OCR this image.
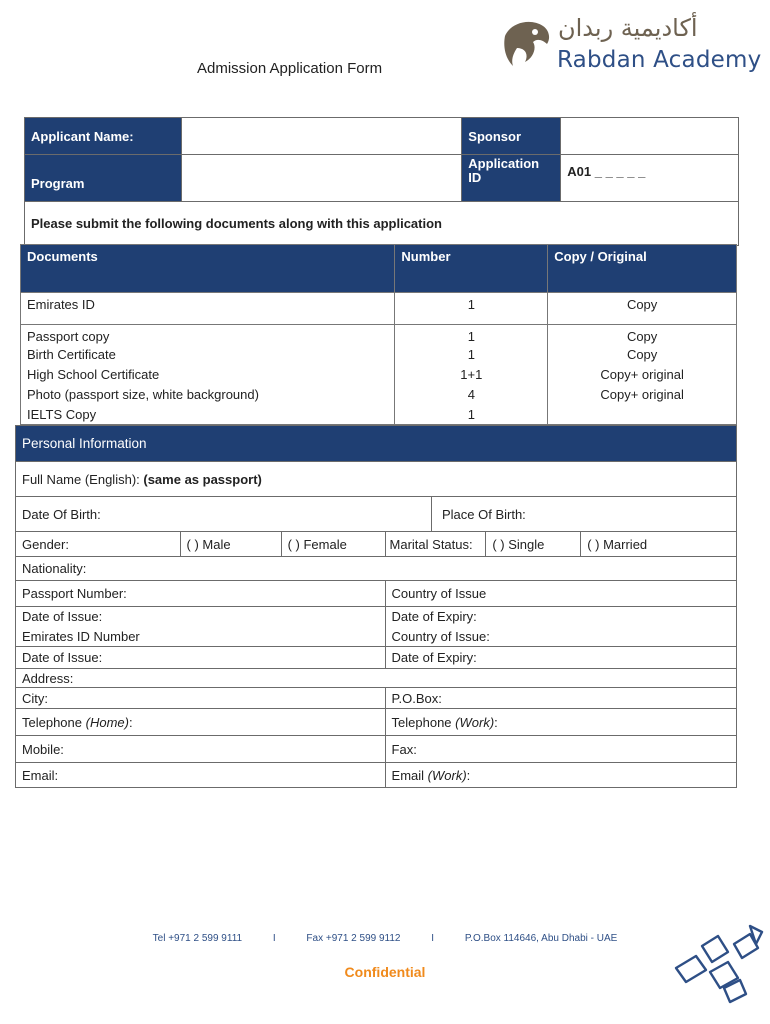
Admission Application Form
أكاديمية ربدان
Rabdan Academy
Applicant Name:		Sponsor	
Program		Application ID	A01 _ _ _ _ _
Please submit the following documents along with this application			
Documents	Number	Copy / Original
Emirates ID	1	Copy
Passport copy	1	Copy
Birth Certificate	1	Copy
High School Certificate	1+1	Copy+ original
Photo (passport size, white background)	4	Copy+ original
IELTS Copy	1	
Personal Information						
Full Name (English): (same as passport)						
Date Of Birth:				Place Of Birth:		
Gender:	( ) Male	( ) Female	Marital Status:		( ) Single	( ) Married
Nationality:						
Passport Number:			Country of Issue			
Date of Issue:			Date of Expiry:			
Emirates ID Number			Country of Issue:			
Date of Issue:			Date of Expiry:			
Address:						
City:			P.O.Box:			
Telephone (Home):			Telephone (Work):			
Mobile:			Fax:			
Email:			Email (Work):			
Tel +971 2 599 9111	I	Fax +971 2 599 9112	I	P.O.Box 114646, Abu Dhabi - UAE
Confidential
